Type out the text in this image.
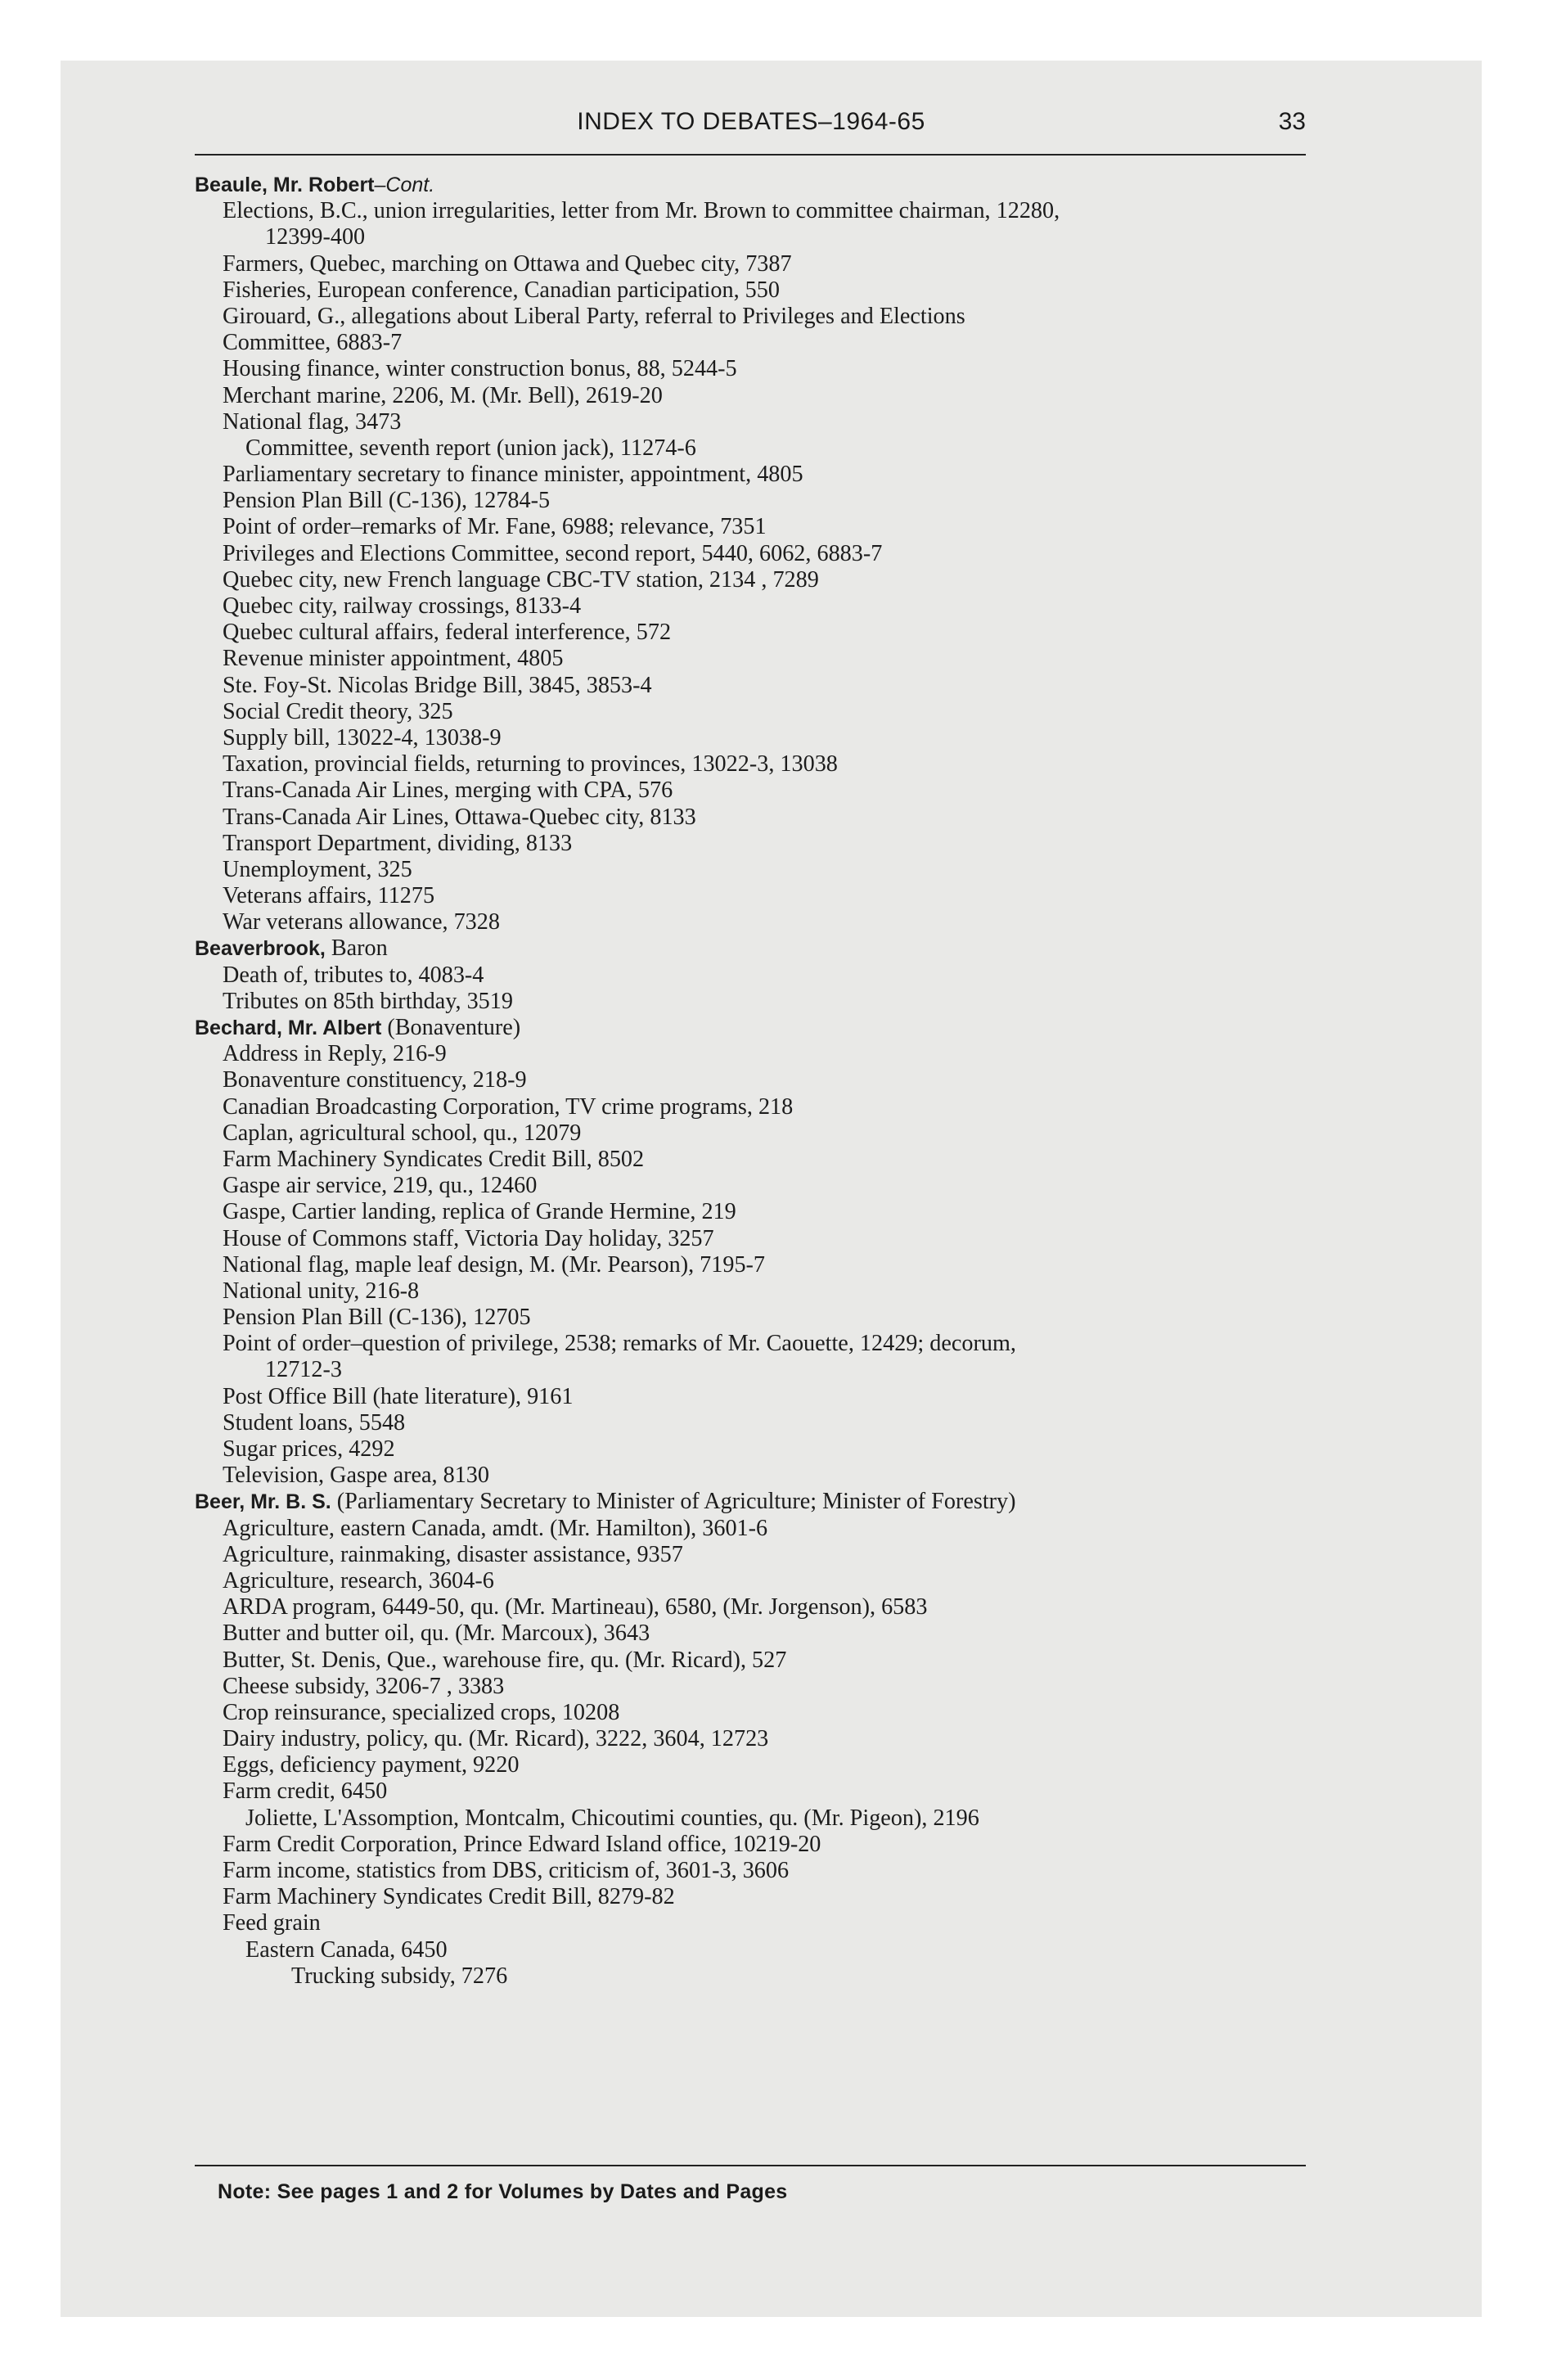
INDEX TO DEBATES–1964-65	33
Beaule, Mr. Robert–Cont.
Elections, B.C., union irregularities, letter from Mr. Brown to committee chairman, 12280,
12399-400
Farmers, Quebec, marching on Ottawa and Quebec city, 7387
Fisheries, European conference, Canadian participation, 550
Girouard, G., allegations about Liberal Party, referral to Privileges and Elections
Committee, 6883-7
Housing finance, winter construction bonus, 88, 5244-5
Merchant marine, 2206, M. (Mr. Bell), 2619-20
National flag, 3473
Committee, seventh report (union jack), 11274-6
Parliamentary secretary to finance minister, appointment, 4805
Pension Plan Bill (C-136), 12784-5
Point of order–remarks of Mr. Fane, 6988; relevance, 7351
Privileges and Elections Committee, second report, 5440, 6062, 6883-7
Quebec city, new French language CBC-TV station, 2134 , 7289
Quebec city, railway crossings, 8133-4
Quebec cultural affairs, federal interference, 572
Revenue minister appointment, 4805
Ste. Foy-St. Nicolas Bridge Bill, 3845, 3853-4
Social Credit theory, 325
Supply bill, 13022-4, 13038-9
Taxation, provincial fields, returning to provinces, 13022-3, 13038
Trans-Canada Air Lines, merging with CPA, 576
Trans-Canada Air Lines, Ottawa-Quebec city, 8133
Transport Department, dividing, 8133
Unemployment, 325
Veterans affairs, 11275
War veterans allowance, 7328
Beaverbrook, Baron
Death of, tributes to, 4083-4
Tributes on 85th birthday, 3519
Bechard, Mr. Albert (Bonaventure)
Address in Reply, 216-9
Bonaventure constituency, 218-9
Canadian Broadcasting Corporation, TV crime programs, 218
Caplan, agricultural school, qu., 12079
Farm Machinery Syndicates Credit Bill, 8502
Gaspe air service, 219, qu., 12460
Gaspe, Cartier landing, replica of Grande Hermine, 219
House of Commons staff, Victoria Day holiday, 3257
National flag, maple leaf design, M. (Mr. Pearson), 7195-7
National unity, 216-8
Pension Plan Bill (C-136), 12705
Point of order–question of privilege, 2538; remarks of Mr. Caouette, 12429; decorum,
12712-3
Post Office Bill (hate literature), 9161
Student loans, 5548
Sugar prices, 4292
Television, Gaspe area, 8130
Beer, Mr. B. S. (Parliamentary Secretary to Minister of Agriculture; Minister of Forestry)
Agriculture, eastern Canada, amdt. (Mr. Hamilton), 3601-6
Agriculture, rainmaking, disaster assistance, 9357
Agriculture, research, 3604-6
ARDA program, 6449-50, qu. (Mr. Martineau), 6580, (Mr. Jorgenson), 6583
Butter and butter oil, qu. (Mr. Marcoux), 3643
Butter, St. Denis, Que., warehouse fire, qu. (Mr. Ricard), 527
Cheese subsidy, 3206-7 , 3383
Crop reinsurance, specialized crops, 10208
Dairy industry, policy, qu. (Mr. Ricard), 3222, 3604, 12723
Eggs, deficiency payment, 9220
Farm credit, 6450
Joliette, L'Assomption, Montcalm, Chicoutimi counties, qu. (Mr. Pigeon), 2196
Farm Credit Corporation, Prince Edward Island office, 10219-20
Farm income, statistics from DBS, criticism of, 3601-3, 3606
Farm Machinery Syndicates Credit Bill, 8279-82
Feed grain
Eastern Canada, 6450
Trucking subsidy, 7276
Note: See pages 1 and 2 for Volumes by Dates and Pages
